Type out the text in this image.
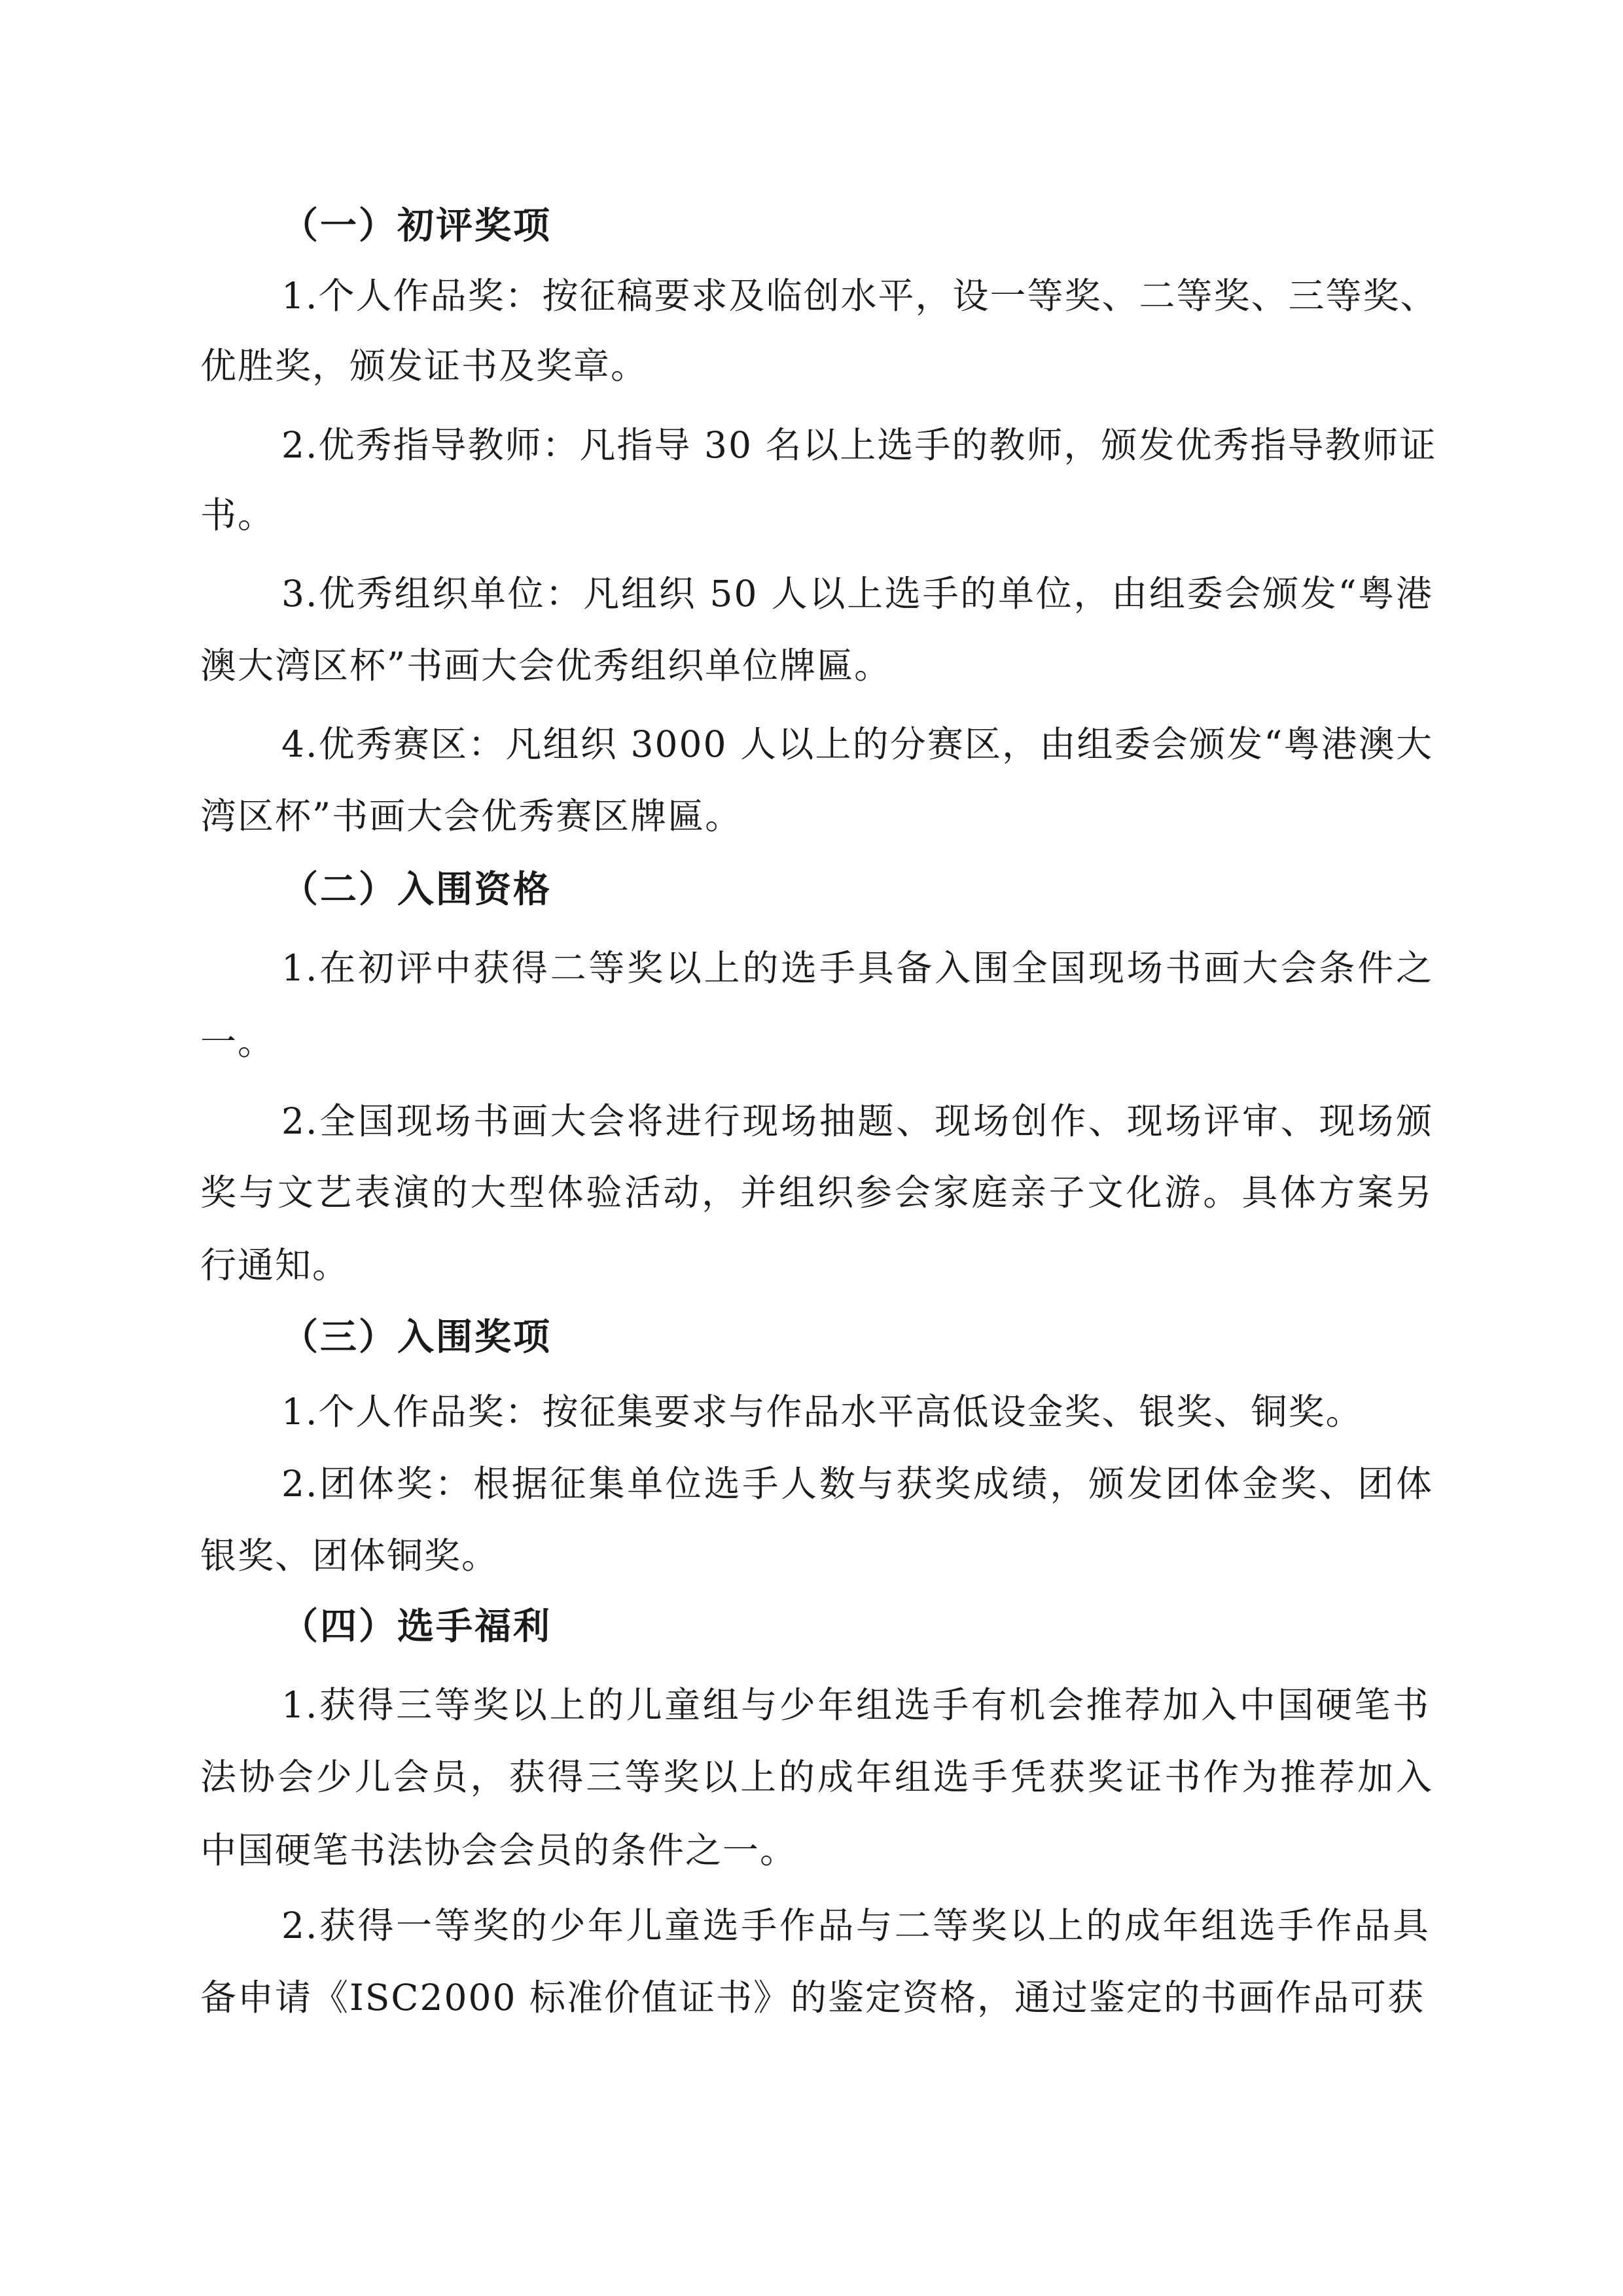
（一）初评奖项
1.个人作品奖：按征稿要求及临创水平，设一等奖、二等奖、三等奖、
优胜奖，颁发证书及奖章。
2.优秀指导教师：凡指导 30 名以上选手的教师，颁发优秀指导教师证
书。
3.优秀组织单位：凡组织 50 人以上选手的单位，由组委会颁发“粤港
澳大湾区杯”书画大会优秀组织单位牌匾。
4.优秀赛区：凡组织 3000 人以上的分赛区，由组委会颁发“粤港澳大
湾区杯”书画大会优秀赛区牌匾。
（二）入围资格
1.在初评中获得二等奖以上的选手具备入围全国现场书画大会条件之
一。
2.全国现场书画大会将进行现场抽题、现场创作、现场评审、现场颁
奖与文艺表演的大型体验活动，并组织参会家庭亲子文化游。具体方案另
行通知。
（三）入围奖项
1.个人作品奖：按征集要求与作品水平高低设金奖、银奖、铜奖。
2.团体奖：根据征集单位选手人数与获奖成绩，颁发团体金奖、团体
银奖、团体铜奖。
（四）选手福利
1.获得三等奖以上的儿童组与少年组选手有机会推荐加入中国硬笔书
法协会少儿会员，获得三等奖以上的成年组选手凭获奖证书作为推荐加入
中国硬笔书法协会会员的条件之一。
2.获得一等奖的少年儿童选手作品与二等奖以上的成年组选手作品具
备申请《ISC2000 标准价值证书》的鉴定资格，通过鉴定的书画作品可获
